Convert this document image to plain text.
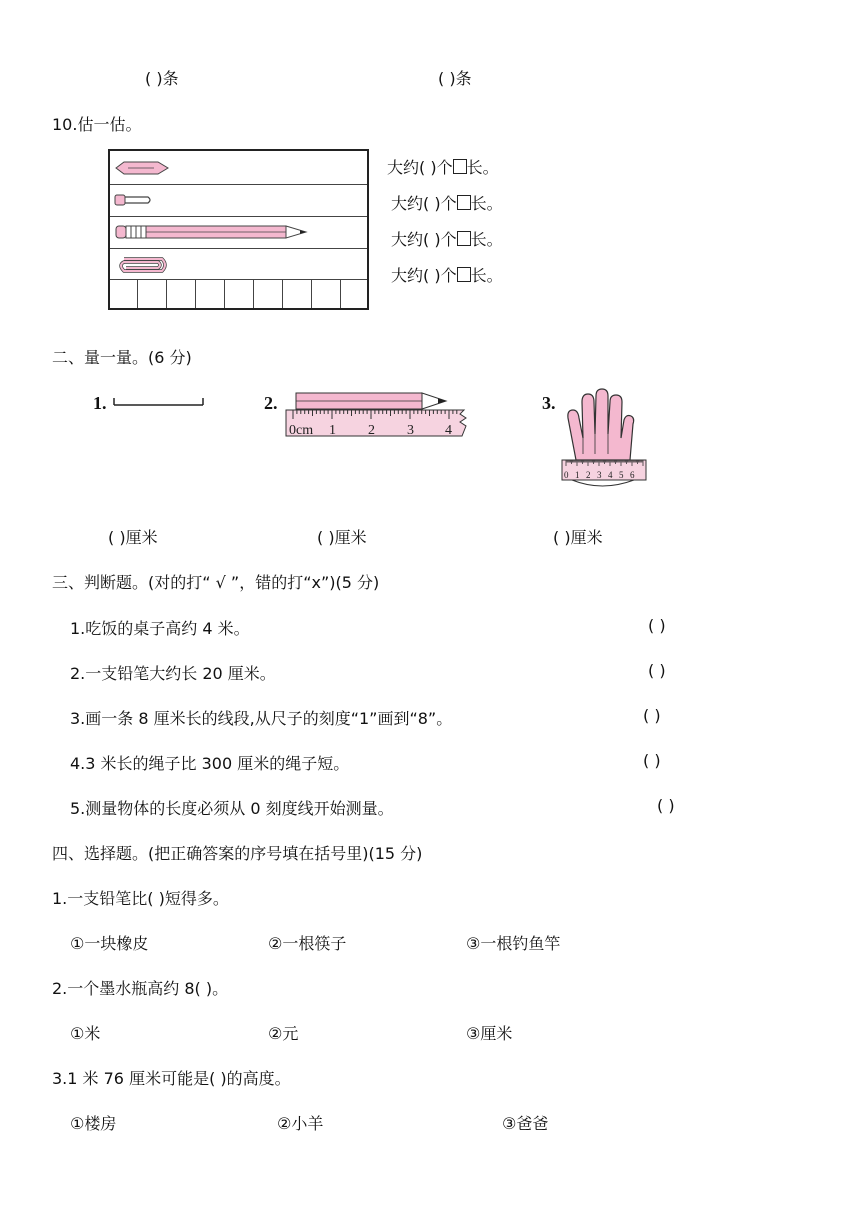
( )条	( )条
10.估一估。
大约( )个 长。
大约( )个 长。
大约( )个 长。
大约( )个 长。
二、量一量。(6 分)
1.	2.
0cm 1 2 3 4
3.
0 1 2 3 4 5 6
( )厘米	( )厘米	( )厘米
三、判断题。(对的打“ √ ”，错的打“x”)(5 分)
1.吃饭的桌子高约 4 米。	( )
2.一支铅笔大约长 20 厘米。	( )
3.画一条 8 厘米长的线段,从尺子的刻度“1”画到“8”。	( )
4.3 米长的绳子比 300 厘米的绳子短。	( )
5.测量物体的长度必须从 0 刻度线开始测量。	( )
四、选择题。(把正确答案的序号填在括号里)(15 分)
1.一支铅笔比( )短得多。
①一块橡皮	②一根筷子	③一根钓鱼竿
2.一个墨水瓶高约 8( )。
①米	②元	③厘米
3.1 米 76 厘米可能是( )的高度。
①楼房	②小羊	③爸爸
